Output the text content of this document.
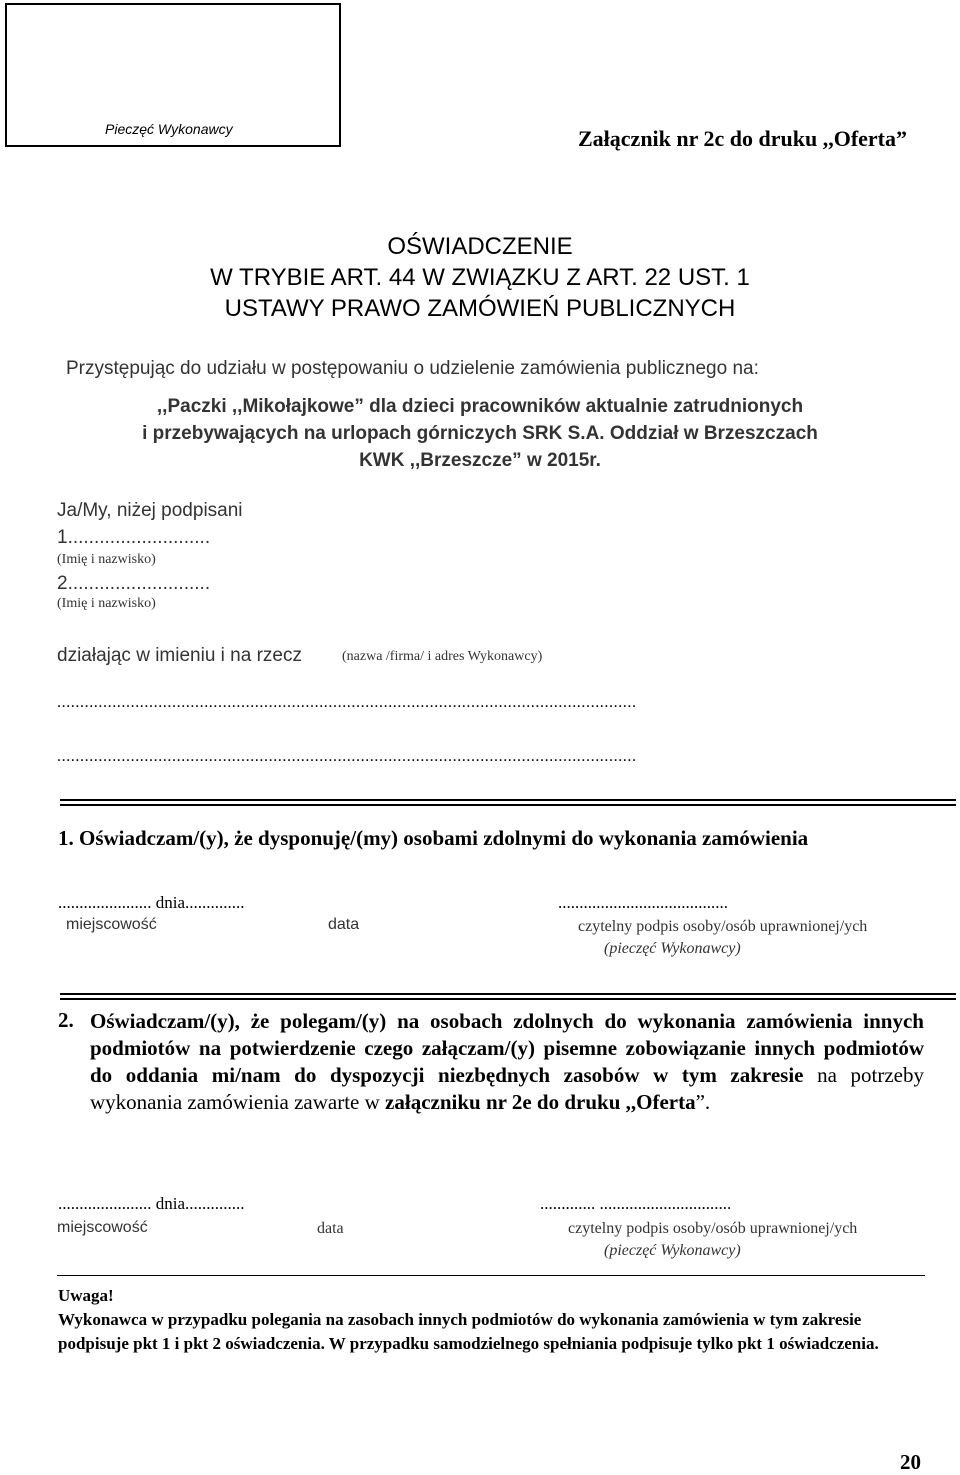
Pieczęć Wykonawcy	Załącznik nr 2c do druku ,,Oferta”
OŚWIADCZENIE
W TRYBIE ART. 44 W ZWIĄZKU Z ART. 22 UST. 1
USTAWY PRAWO ZAMÓWIEŃ PUBLICZNYCH
Przystępując do udziału w postępowaniu o udzielenie zamówienia publicznego na:
,,Paczki ,,Mikołajkowe” dla dzieci pracowników aktualnie zatrudnionych
i przebywających na urlopach górniczych SRK S.A. Oddział w Brzeszczach
KWK ,,Brzeszcze” w 2015r.
Ja/My, niżej podpisani
1...........................
(Imię i nazwisko)
2...........................
(Imię i nazwisko)
działając w imieniu i na rzecz	(nazwa /firma/ i adres Wykonawcy)
..............................................................................................................................
..............................................................................................................................
1. Oświadczam/(y), że dysponuję/(my) osobami zdolnymi do wykonania zamówienia
...................... dnia..............	........................................
miejscowość	data	czytelny podpis osoby/osób uprawnionej/ych
(pieczęć Wykonawcy)
2. Oświadczam/(y), że polegam/(y) na osobach zdolnych do wykonania zamówienia innych podmiotów na potwierdzenie czego załączam/(y) pisemne zobowiązanie innych podmiotów do oddania mi/nam do dyspozycji niezbędnych zasobów w tym zakresie na potrzeby wykonania zamówienia zawarte w załączniku nr 2e do druku ,,Oferta”.
...................... dnia..............	............. ...............................
miejscowość	data	czytelny podpis osoby/osób uprawnionej/ych
(pieczęć Wykonawcy)
Uwaga!
Wykonawca w przypadku polegania na zasobach innych podmiotów do wykonania zamówienia w tym zakresie podpisuje pkt 1 i pkt 2 oświadczenia. W przypadku samodzielnego spełniania podpisuje tylko pkt 1 oświadczenia.
20
